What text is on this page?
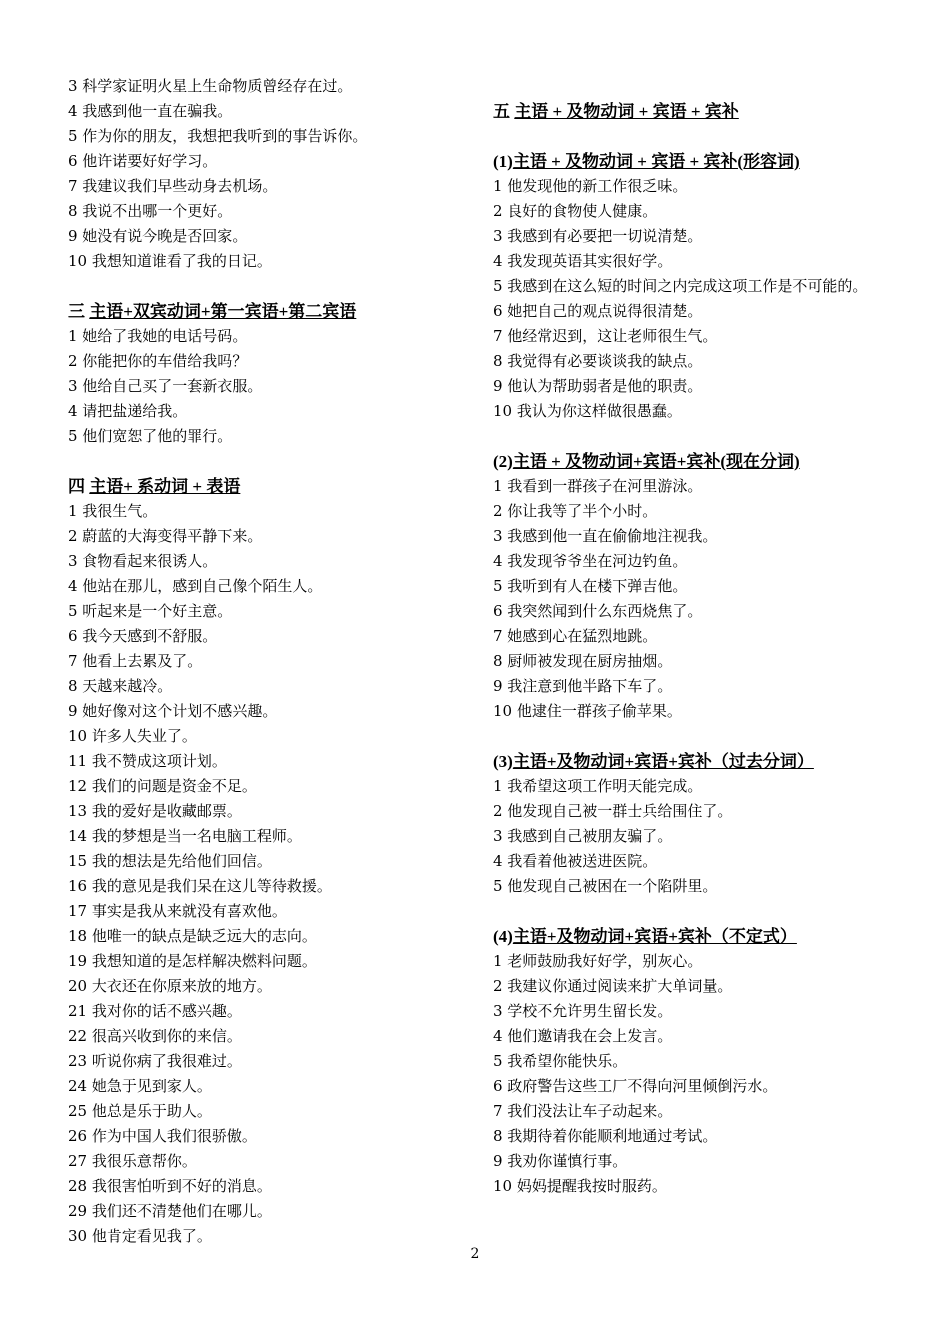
3 科学家证明火星上生命物质曾经存在过。
4 我感到他一直在骗我。
5 作为你的朋友，我想把我听到的事告诉你。
6 他许诺要好好学习。
7 我建议我们早些动身去机场。
8 我说不出哪一个更好。
9 她没有说今晚是否回家。
10 我想知道谁看了我的日记。
三 主语+双宾动词+第一宾语+第二宾语
1 她给了我她的电话号码。
2 你能把你的车借给我吗？
3 他给自己买了一套新衣服。
4 请把盐递给我。
5 他们宽恕了他的罪行。
四 主语+ 系动词 + 表语
1 我很生气。
2 蔚蓝的大海变得平静下来。
3 食物看起来很诱人。
4 他站在那儿，感到自己像个陌生人。
5 听起来是一个好主意。
6 我今天感到不舒服。
7 他看上去累及了。
8 天越来越冷。
9 她好像对这个计划不感兴趣。
10 许多人失业了。
11 我不赞成这项计划。
12 我们的问题是资金不足。
13 我的爱好是收藏邮票。
14 我的梦想是当一名电脑工程师。
15 我的想法是先给他们回信。
16 我的意见是我们呆在这儿等待救援。
17 事实是我从来就没有喜欢他。
18 他唯一的缺点是缺乏远大的志向。
19 我想知道的是怎样解决燃料问题。
20 大衣还在你原来放的地方。
21 我对你的话不感兴趣。
22 很高兴收到你的来信。
23 听说你病了我很难过。
24 她急于见到家人。
25 他总是乐于助人。
26 作为中国人我们很骄傲。
27 我很乐意帮你。
28 我很害怕听到不好的消息。
29 我们还不清楚他们在哪儿。
30 他肯定看见我了。
五 主语 + 及物动词 + 宾语 + 宾补
(1)主语 + 及物动词 + 宾语 + 宾补(形容词)
1 他发现他的新工作很乏味。
2 良好的食物使人健康。
3 我感到有必要把一切说清楚。
4 我发现英语其实很好学。
5 我感到在这么短的时间之内完成这项工作是不可能的。
6 她把自己的观点说得很清楚。
7 他经常迟到，这让老师很生气。
8 我觉得有必要谈谈我的缺点。
9 他认为帮助弱者是他的职责。
10 我认为你这样做很愚蠢。
(2)主语 + 及物动词+宾语+宾补(现在分词)
1 我看到一群孩子在河里游泳。
2 你让我等了半个小时。
3 我感到他一直在偷偷地注视我。
4 我发现爷爷坐在河边钓鱼。
5 我听到有人在楼下弹吉他。
6 我突然闻到什么东西烧焦了。
7 她感到心在猛烈地跳。
8 厨师被发现在厨房抽烟。
9 我注意到他半路下车了。
10 他逮住一群孩子偷苹果。
(3)主语+及物动词+宾语+宾补（过去分词）
1 我希望这项工作明天能完成。
2 他发现自己被一群士兵给围住了。
3 我感到自己被朋友骗了。
4 我看着他被送进医院。
5 他发现自己被困在一个陷阱里。
(4)主语+及物动词+宾语+宾补（不定式）
1 老师鼓励我好好学，别灰心。
2 我建议你通过阅读来扩大单词量。
3 学校不允许男生留长发。
4 他们邀请我在会上发言。
5 我希望你能快乐。
6 政府警告这些工厂不得向河里倾倒污水。
7 我们没法让车子动起来。
8 我期待着你能顺利地通过考试。
9 我劝你谨慎行事。
10 妈妈提醒我按时服药。
2
